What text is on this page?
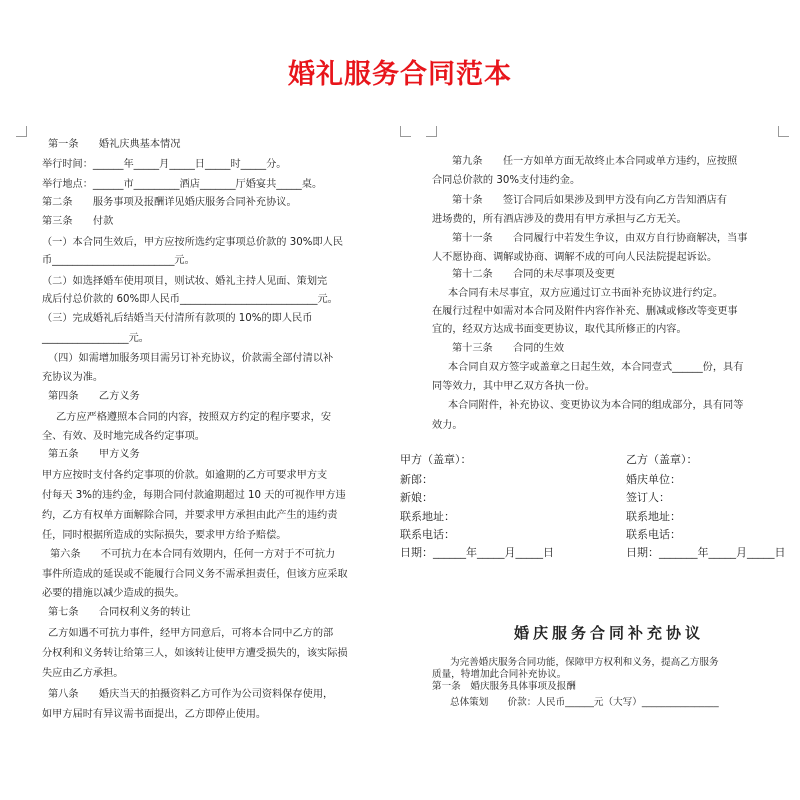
婚礼服务合同范本
第一条　　婚礼庆典基本情况
举行时间：______年_____月_____日_____时_____分。
举行地点：______市_________酒店_______厅婚宴共_____桌。
第二条　　服务事项及报酬详见婚庆服务合同补充协议。
第三条　　付款
（一）本合同生效后，甲方应按所选约定事项总价款的 30%即人民
币________________________元。
（二）如选择婚车使用项目，则试妆、婚礼主持人见面、策划完
成后付总价款的 60%即人民币___________________________元。
（三）完成婚礼后结婚当天付清所有款项的 10%的即人民币
_________________元。
（四）如需增加服务项目需另订补充协议，价款需全部付清以补
充协议为准。
第四条　　乙方义务
乙方应严格遵照本合同的内容，按照双方约定的程序要求，安
全、有效、及时地完成各约定事项。
第五条　　甲方义务
甲方应按时支付各约定事项的价款。如逾期的乙方可要求甲方支
付每天 3%的违约金，每期合同付款逾期超过 10 天的可视作甲方违
约，乙方有权单方面解除合同，并要求甲方承担由此产生的违约责
任，同时根据所造成的实际损失，要求甲方给予赔偿。
第六条　　不可抗力在本合同有效期内，任何一方对于不可抗力
事件所造成的延误或不能履行合同义务不需承担责任，但该方应采取
必要的措施以减少造成的损失。
第七条　　合同权利义务的转让
乙方如遇不可抗力事件，经甲方同意后，可将本合同中乙方的部
分权利和义务转让给第三人，如该转让使甲方遭受损失的，该实际损
失应由乙方承担。
第八条　　婚庆当天的拍摄资料乙方可作为公司资料保存使用，
如甲方届时有异议需书面提出，乙方即停止使用。
第九条　　任一方如单方面无故终止本合同或单方违约，应按照
合同总价款的 30%支付违约金。
第十条　　签订合同后如果涉及到甲方没有向乙方告知酒店有
进场费的，所有酒店涉及的费用有甲方承担与乙方无关。
第十一条　　合同履行中若发生争议，由双方自行协商解决，当事
人不愿协商、调解或协商、调解不成的可向人民法院提起诉讼。
第十二条　　合同的未尽事项及变更
本合同有未尽事宜，双方应通过订立书面补充协议进行约定。
在履行过程中如需对本合同及附件内容作补充、删减或修改等变更事
宜的，经双方达成书面变更协议，取代其所修正的内容。
第十三条　　合同的生效
本合同自双方签字或盖章之日起生效，本合同壹式______份，具有
同等效力，其中甲乙双方各执一份。
本合同附件，补充协议、变更协议为本合同的组成部分，具有同等
效力。
甲方（盖章）：
新郎：
新娘：
联系地址：
联系电话：
日期：______年_____月_____日
乙方（盖章）：
婚庆单位：
签订人：
联系地址：
联系电话：
日期：_______年_____月_____日
婚庆服务合同补充协议
为完善婚庆服务合同功能，保障甲方权利和义务，提高乙方服务
质量，特增加此合同补充协议。
第一条　婚庆服务具体事项及报酬
总体策划　　价款：人民币______元（大写）________________
